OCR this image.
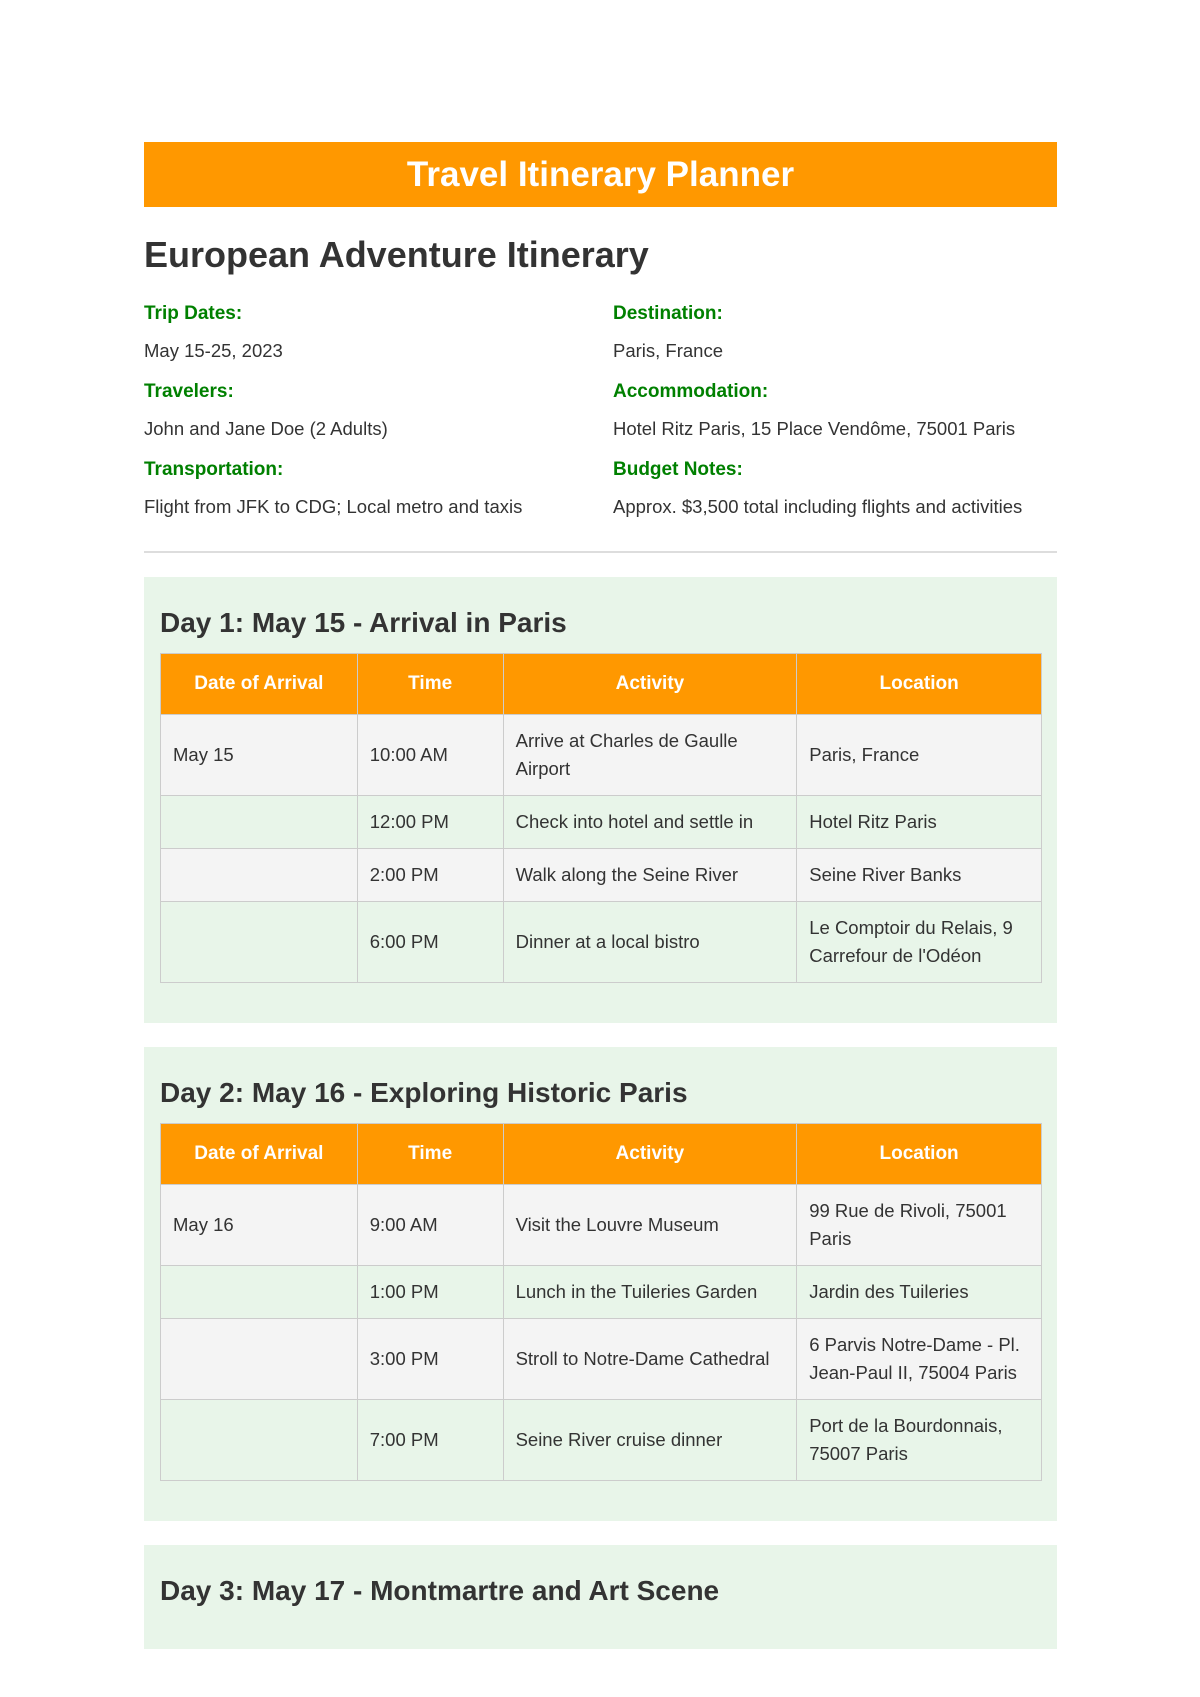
Travel Itinerary Planner
European Adventure Itinerary
Trip Dates:
May 15-25, 2023
Destination:
Paris, France
Travelers:
John and Jane Doe (2 Adults)
Accommodation:
Hotel Ritz Paris, 15 Place Vendôme, 75001 Paris
Transportation:
Flight from JFK to CDG; Local metro and taxis
Budget Notes:
Approx. $3,500 total including flights and activities
Day 1: May 15 - Arrival in Paris
Date of Arrival	Time	Activity	Location
May 15	10:00 AM	Arrive at Charles de Gaulle Airport	Paris, France
	12:00 PM	Check into hotel and settle in	Hotel Ritz Paris
	2:00 PM	Walk along the Seine River	Seine River Banks
	6:00 PM	Dinner at a local bistro	Le Comptoir du Relais, 9 Carrefour de l'Odéon
Day 2: May 16 - Exploring Historic Paris
Date of Arrival	Time	Activity	Location
May 16	9:00 AM	Visit the Louvre Museum	99 Rue de Rivoli, 75001 Paris
	1:00 PM	Lunch in the Tuileries Garden	Jardin des Tuileries
	3:00 PM	Stroll to Notre-Dame Cathedral	6 Parvis Notre-Dame - Pl. Jean-Paul II, 75004 Paris
	7:00 PM	Seine River cruise dinner	Port de la Bourdonnais, 75007 Paris
Day 3: May 17 - Montmartre and Art Scene
